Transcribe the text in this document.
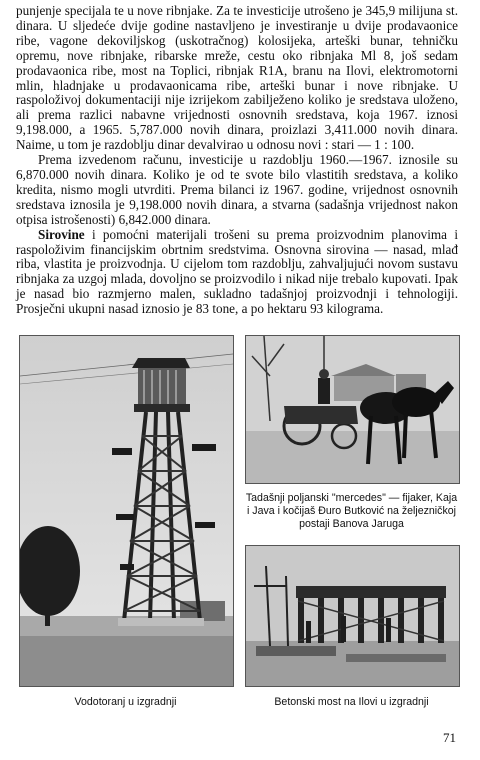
punjenje specijala te u nove ribnjake. Za te investicije utrošeno je 345,9 milijuna st. dinara. U sljedeće dvije godine nastavljeno je investiranje u dvije prodavaonice ribe, vagone dekovilјskog (uskotračnog) kolosijeka, arteški bunar, tehničku opremu, nove ribnjake, ribarske mreže, cestu oko ribnjaka Ml 8, još sedam prodavaonica ribe, most na Toplici, ribnjak R1A, branu na Ilovi, elektromotorni mlin, hladnjake u prodavaonicama ribe, arteški bunar i nove ribnjake. U raspoloživoj dokumentaciji nije izrijekom zabilježeno koliko je sredstava uloženo, ali prema razlici nabavne vrijednosti osnovnih sredstava, koja 1967. iznosi 9,198.000, a 1965. 5,787.000 novih dinara, proizlazi 3,411.000 novih dinara. Naime, u tom je razdoblju dinar devalvirao u odnosu novi : stari — 1 : 100.

Prema izvedenom računu, investicije u razdoblju 1960.—1967. iznosile su 6,870.000 novih dinara. Koliko je od te svote bilo vlastitih sredstava, a koliko kredita, nismo mogli utvrditi. Prema bilanci iz 1967. godine, vrijednost osnovnih sredstava iznosila je 9,198.000 novih dinara, a stvarna (sadašnja vrijednost nakon otpisa istrošenosti) 6,842.000 dinara.

Sirovine i pomoćni materijali trošeni su prema proizvodnim planovima i raspoloživim financijskim obrtnim sredstvima. Osnovna sirovina — nasad, mlađ riba, vlastita je proizvodnja. U cijelom tom razdoblju, zahvaljujući novom sustavu ribnjaka za uzgoj mlada, dovoljno se proizvodilo i nikad nije trebalo kupovati. Ipak je nasad bio razmjerno malen, sukladno tadašnjoj proizvodnji i tehnologiji. Prosječni ukupni nasad iznosio je 83 tone, a po hektaru 93 kilograma.

Vodotoranj u izgradnji
Tadašnji poljanski "mercedes" — fijaker, Kaja i Java i kočijaš Đuro Butković na željezničkoj postaji Banova Jaruga
Betonski most na Ilovi u izgradnji
71
